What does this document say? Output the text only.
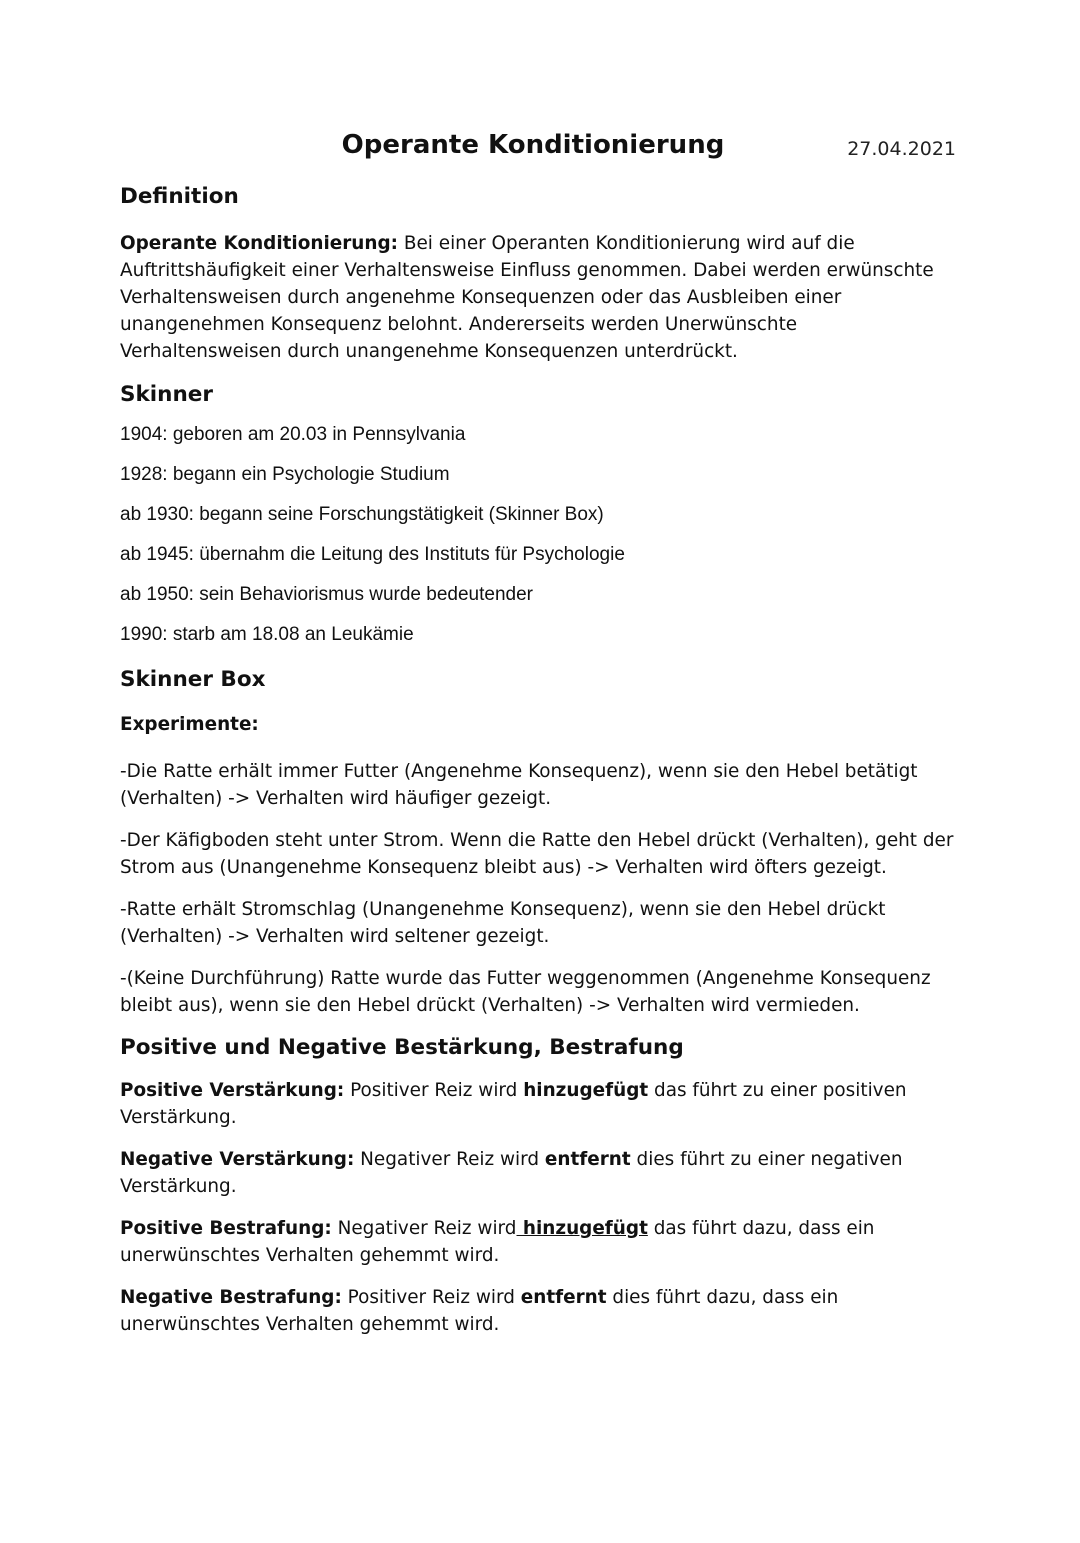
Operante Konditionierung	27.04.2021
Definition

Operante Konditionierung: Bei einer Operanten Konditionierung wird auf die Auftrittshäufigkeit einer Verhaltensweise Einfluss genommen. Dabei werden erwünschte Verhaltensweisen durch angenehme Konsequenzen oder das Ausbleiben einer unangenehmen Konsequenz belohnt. Andererseits werden Unerwünschte Verhaltensweisen durch unangenehme Konsequenzen unterdrückt.

Skinner

1904: geboren am 20.03 in Pennsylvania

1928: begann ein Psychologie Studium

ab 1930: begann seine Forschungstätigkeit (Skinner Box)

ab 1945: übernahm die Leitung des Instituts für Psychologie

ab 1950: sein Behaviorismus wurde bedeutender

1990: starb am 18.08 an Leukämie

Skinner Box

Experimente:

-Die Ratte erhält immer Futter (Angenehme Konsequenz), wenn sie den Hebel betätigt (Verhalten) -> Verhalten wird häufiger gezeigt.

-Der Käfigboden steht unter Strom. Wenn die Ratte den Hebel drückt (Verhalten), geht der Strom aus (Unangenehme Konsequenz bleibt aus) -> Verhalten wird öfters gezeigt.

-Ratte erhält Stromschlag (Unangenehme Konsequenz), wenn sie den Hebel drückt (Verhalten) -> Verhalten wird seltener gezeigt.

-(Keine Durchführung) Ratte wurde das Futter weggenommen (Angenehme Konsequenz bleibt aus), wenn sie den Hebel drückt (Verhalten) -> Verhalten wird vermieden.

Positive und Negative Bestärkung, Bestrafung

Positive Verstärkung: Positiver Reiz wird hinzugefügt das führt zu einer positiven Verstärkung.

Negative Verstärkung: Negativer Reiz wird entfernt dies führt zu einer negativen Verstärkung.

Positive Bestrafung: Negativer Reiz wird hinzugefügt das führt dazu, dass ein unerwünschtes Verhalten gehemmt wird.

Negative Bestrafung: Positiver Reiz wird entfernt dies führt dazu, dass ein unerwünschtes Verhalten gehemmt wird.
